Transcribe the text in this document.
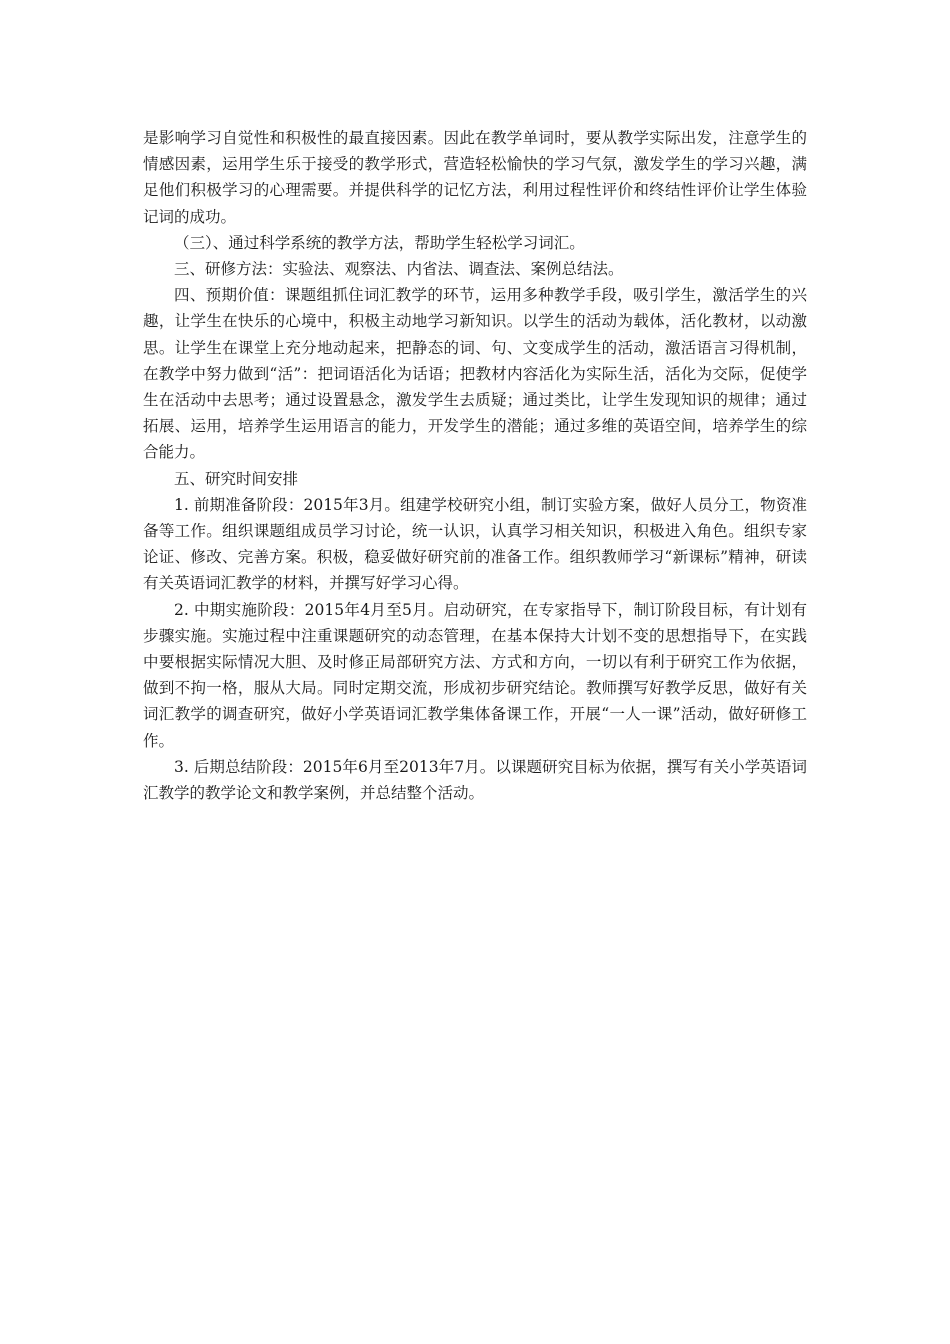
是影响学习自觉性和积极性的最直接因素。因此在教学单词时，要从教学实际出发，注意学生的情感因素，运用学生乐于接受的教学形式，营造轻松愉快的学习气氛，激发学生的学习兴趣，满足他们积极学习的心理需要。并提供科学的记忆方法，利用过程性评价和终结性评价让学生体验记词的成功。

（三）、通过科学系统的教学方法，帮助学生轻松学习词汇。

三、研修方法：实验法、观察法、内省法、调查法、案例总结法。

四、预期价值：课题组抓住词汇教学的环节，运用多种教学手段，吸引学生，激活学生的兴趣，让学生在快乐的心境中，积极主动地学习新知识。以学生的活动为载体，活化教材，以动激思。让学生在课堂上充分地动起来，把静态的词、句、文变成学生的活动，激活语言习得机制，在教学中努力做到“活”：把词语活化为话语；把教材内容活化为实际生活，活化为交际，促使学生在活动中去思考；通过设置悬念，激发学生去质疑；通过类比，让学生发现知识的规律；通过拓展、运用，培养学生运用语言的能力，开发学生的潜能；通过多维的英语空间，培养学生的综合能力。

五、研究时间安排

1. 前期准备阶段：2015年3月。组建学校研究小组，制订实验方案，做好人员分工，物资准备等工作。组织课题组成员学习讨论，统一认识，认真学习相关知识，积极进入角色。组织专家论证、修改、完善方案。积极，稳妥做好研究前的准备工作。组织教师学习“新课标”精神，研读有关英语词汇教学的材料，并撰写好学习心得。

2. 中期实施阶段：2015年4月至5月。启动研究，在专家指导下，制订阶段目标，有计划有步骤实施。实施过程中注重课题研究的动态管理，在基本保持大计划不变的思想指导下，在实践中要根据实际情况大胆、及时修正局部研究方法、方式和方向，一切以有利于研究工作为依据，做到不拘一格，服从大局。同时定期交流，形成初步研究结论。教师撰写好教学反思，做好有关词汇教学的调查研究，做好小学英语词汇教学集体备课工作，开展“一人一课”活动，做好研修工作。

3. 后期总结阶段：2015年6月至2013年7月。以课题研究目标为依据，撰写有关小学英语词汇教学的教学论文和教学案例，并总结整个活动。
